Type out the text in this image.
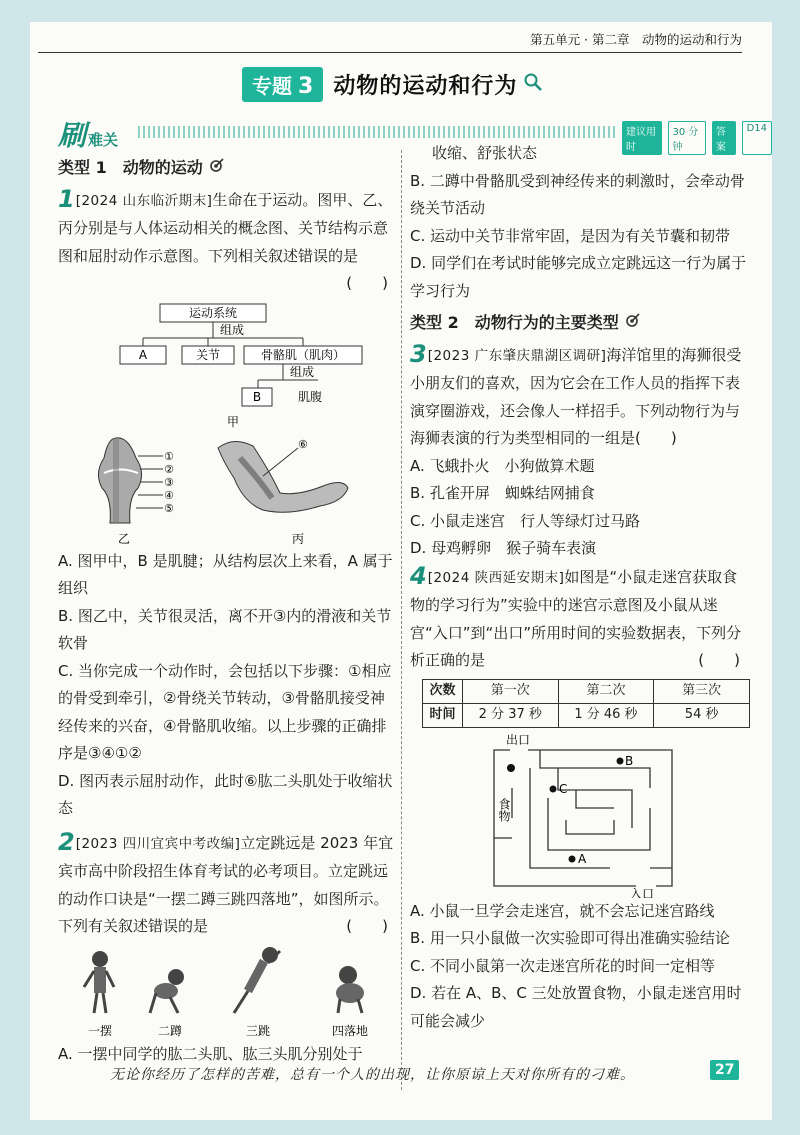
第五单元 · 第二章　动物的运动和行为
专题 3 动物的运动和行为
刷 难关	建议用时
30 分钟
答案
D14
类型 1　动物的运动
1[2024 山东临沂期末]生命在于运动。图甲、乙、丙分别是与人体运动相关的概念图、关节结构示意图和屈肘动作示意图。下列相关叙述错误的是
(　　)
运动系统
组成
A	关节	骨骼肌（肌肉）
组成
B	肌腹
甲
①
②
③
④
⑤
乙
⑥
丙
A. 图甲中，B 是肌腱；从结构层次上来看，A 属于组织
B. 图乙中，关节很灵活，离不开③内的滑液和关节软骨
C. 当你完成一个动作时，会包括以下步骤：①相应的骨受到牵引，②骨绕关节转动，③骨骼肌接受神经传来的兴奋，④骨骼肌收缩。以上步骤的正确排序是③④①②
D. 图丙表示屈肘动作，此时⑥肱二头肌处于收缩状态
2[2023 四川宜宾中考改编]立定跳远是 2023 年宜宾市高中阶段招生体育考试的必考项目。立定跳远的动作口诀是“一摆二蹲三跳四落地”，如图所示。下列有关叙述错误的是	(　　)
一摆	二蹲	三跳	四落地
A. 一摆中同学的肱二头肌、肱三头肌分别处于
收缩、舒张状态
B. 二蹲中骨骼肌受到神经传来的刺激时，会牵动骨绕关节活动
C. 运动中关节非常牢固，是因为有关节囊和韧带
D. 同学们在考试时能够完成立定跳远这一行为属于学习行为
类型 2　动物行为的主要类型
3[2023 广东肇庆鼎湖区调研]海洋馆里的海狮很受小朋友们的喜欢，因为它会在工作人员的指挥下表演穿圈游戏，还会像人一样招手。下列动物行为与海狮表演的行为类型相同的一组是(　　)
A. 飞蛾扑火　小狗做算术题
B. 孔雀开屏　蜘蛛结网捕食
C. 小鼠走迷宫　行人等绿灯过马路
D. 母鸡孵卵　猴子骑车表演
4[2024 陕西延安期末]如图是“小鼠走迷宫获取食物的学习行为”实验中的迷宫示意图及小鼠从迷宫“入口”到“出口”所用时间的实验数据表，下列分析正确的是	(　　)
次数	第一次	第二次	第三次
时间	2 分 37 秒	1 分 46 秒	54 秒
出口
食物
C
B
A
入口
A. 小鼠一旦学会走迷宫，就不会忘记迷宫路线
B. 用一只小鼠做一次实验即可得出准确实验结论
C. 不同小鼠第一次走迷宫所花的时间一定相等
D. 若在 A、B、C 三处放置食物，小鼠走迷宫用时可能会减少
无论你经历了怎样的苦难，总有一个人的出现，让你原谅上天对你所有的刁难。	27
